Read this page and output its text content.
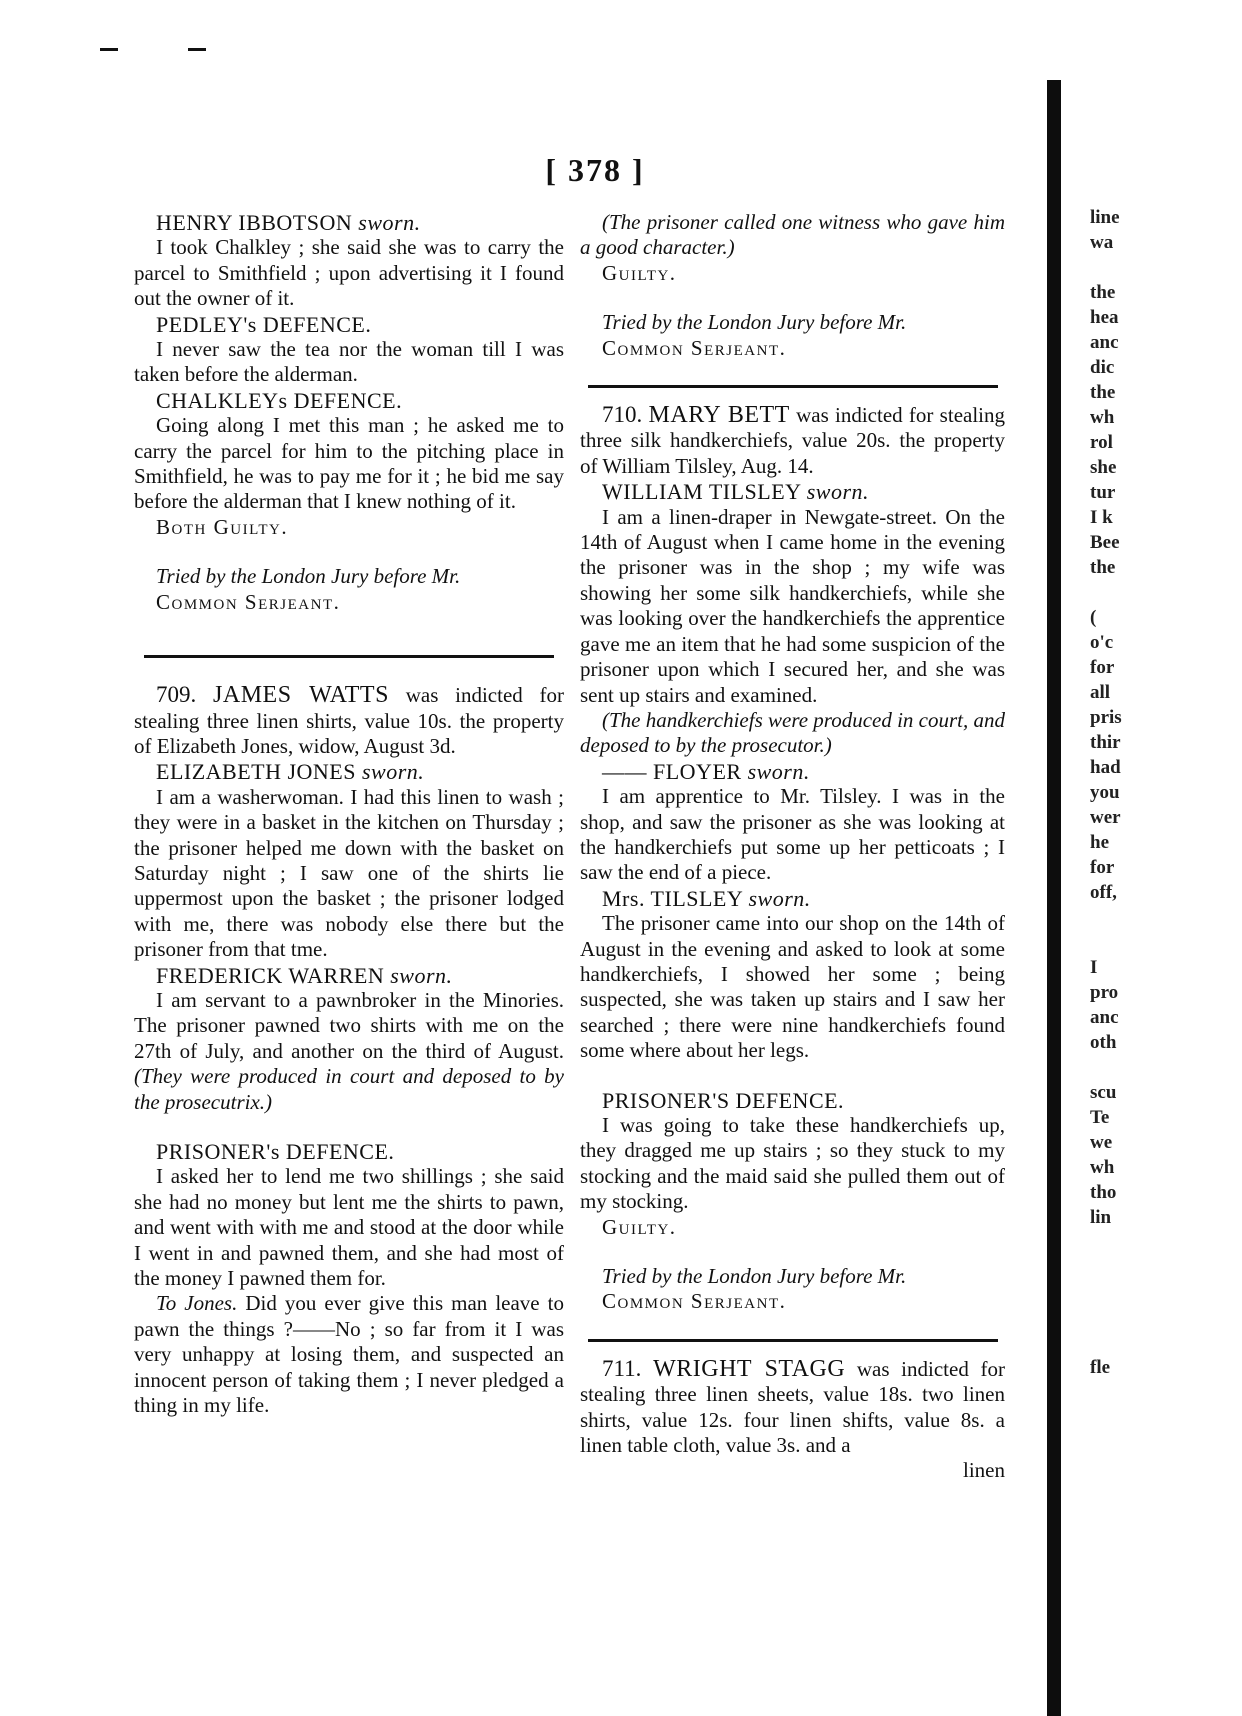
[ 378 ]

HENRY IBBOTSON sworn.

I took Chalkley ; she said she was to carry the parcel to Smithfield ; upon advertising it I found out the owner of it.

PEDLEY's DEFENCE.

I never saw the tea nor the woman till I was taken before the alderman.

CHALKLEYs DEFENCE.

Going along I met this man ; he asked me to carry the parcel for him to the pitching place in Smithfield, he was to pay me for it ; he bid me say before the alderman that I knew nothing of it.

Both Guilty.

Tried by the London Jury before Mr.

Common Serjeant.

709. JAMES WATTS was indicted for stealing three linen shirts, value 10s. the property of Elizabeth Jones, widow, August 3d.

ELIZABETH JONES sworn.

I am a washerwoman. I had this linen to wash ; they were in a basket in the kitchen on Thursday ; the prisoner helped me down with the basket on Saturday night ; I saw one of the shirts lie uppermost upon the basket ; the prisoner lodged with me, there was nobody else there but the prisoner from that tme.

FREDERICK WARREN sworn.

I am servant to a pawnbroker in the Minories. The prisoner pawned two shirts with me on the 27th of July, and another on the third of August. (They were produced in court and deposed to by the prosecutrix.)

PRISONER's DEFENCE.

I asked her to lend me two shillings ; she said she had no money but lent me the shirts to pawn, and went with with me and stood at the door while I went in and pawned them, and she had most of the money I pawned them for.

To Jones. Did you ever give this man leave to pawn the things ?——No ; so far from it I was very unhappy at losing them, and suspected an innocent person of taking them ; I never pledged a thing in my life.

(The prisoner called one witness who gave him a good character.)

Guilty.

Tried by the London Jury before Mr.

Common Serjeant.

710. MARY BETT was indicted for stealing three silk handkerchiefs, value 20s. the property of William Tilsley, Aug. 14.

WILLIAM TILSLEY sworn.

I am a linen-draper in Newgate-street. On the 14th of August when I came home in the evening the prisoner was in the shop ; my wife was showing her some silk handkerchiefs, while she was looking over the handkerchiefs the apprentice gave me an item that he had some suspicion of the prisoner upon which I secured her, and she was sent up stairs and examined.

(The handkerchiefs were produced in court, and deposed to by the prosecutor.)

—— FLOYER sworn.

I am apprentice to Mr. Tilsley. I was in the shop, and saw the prisoner as she was looking at the handkerchiefs put some up her petticoats ; I saw the end of a piece.

Mrs. TILSLEY sworn.

The prisoner came into our shop on the 14th of August in the evening and asked to look at some handkerchiefs, I showed her some ; being suspected, she was taken up stairs and I saw her searched ; there were nine handkerchiefs found some where about her legs.

PRISONER'S DEFENCE.

I was going to take these handkerchiefs up, they dragged me up stairs ; so they stuck to my stocking and the maid said she pulled them out of my stocking.

Guilty.

Tried by the London Jury before Mr.

Common Serjeant.

711. WRIGHT STAGG was indicted for stealing three linen sheets, value 18s. two linen shirts, value 12s. four linen shifts, value 8s. a linen table cloth, value 3s. and a

linen

line
wa

the
hea
anc
dic
the
wh
rol
she
tur
I k
Bee
the

(
o'c
for
all
pris
thir
had
you
wer
he
for
off,

I
pro
anc
oth

scu
Te
we
wh
tho
lin

fle
